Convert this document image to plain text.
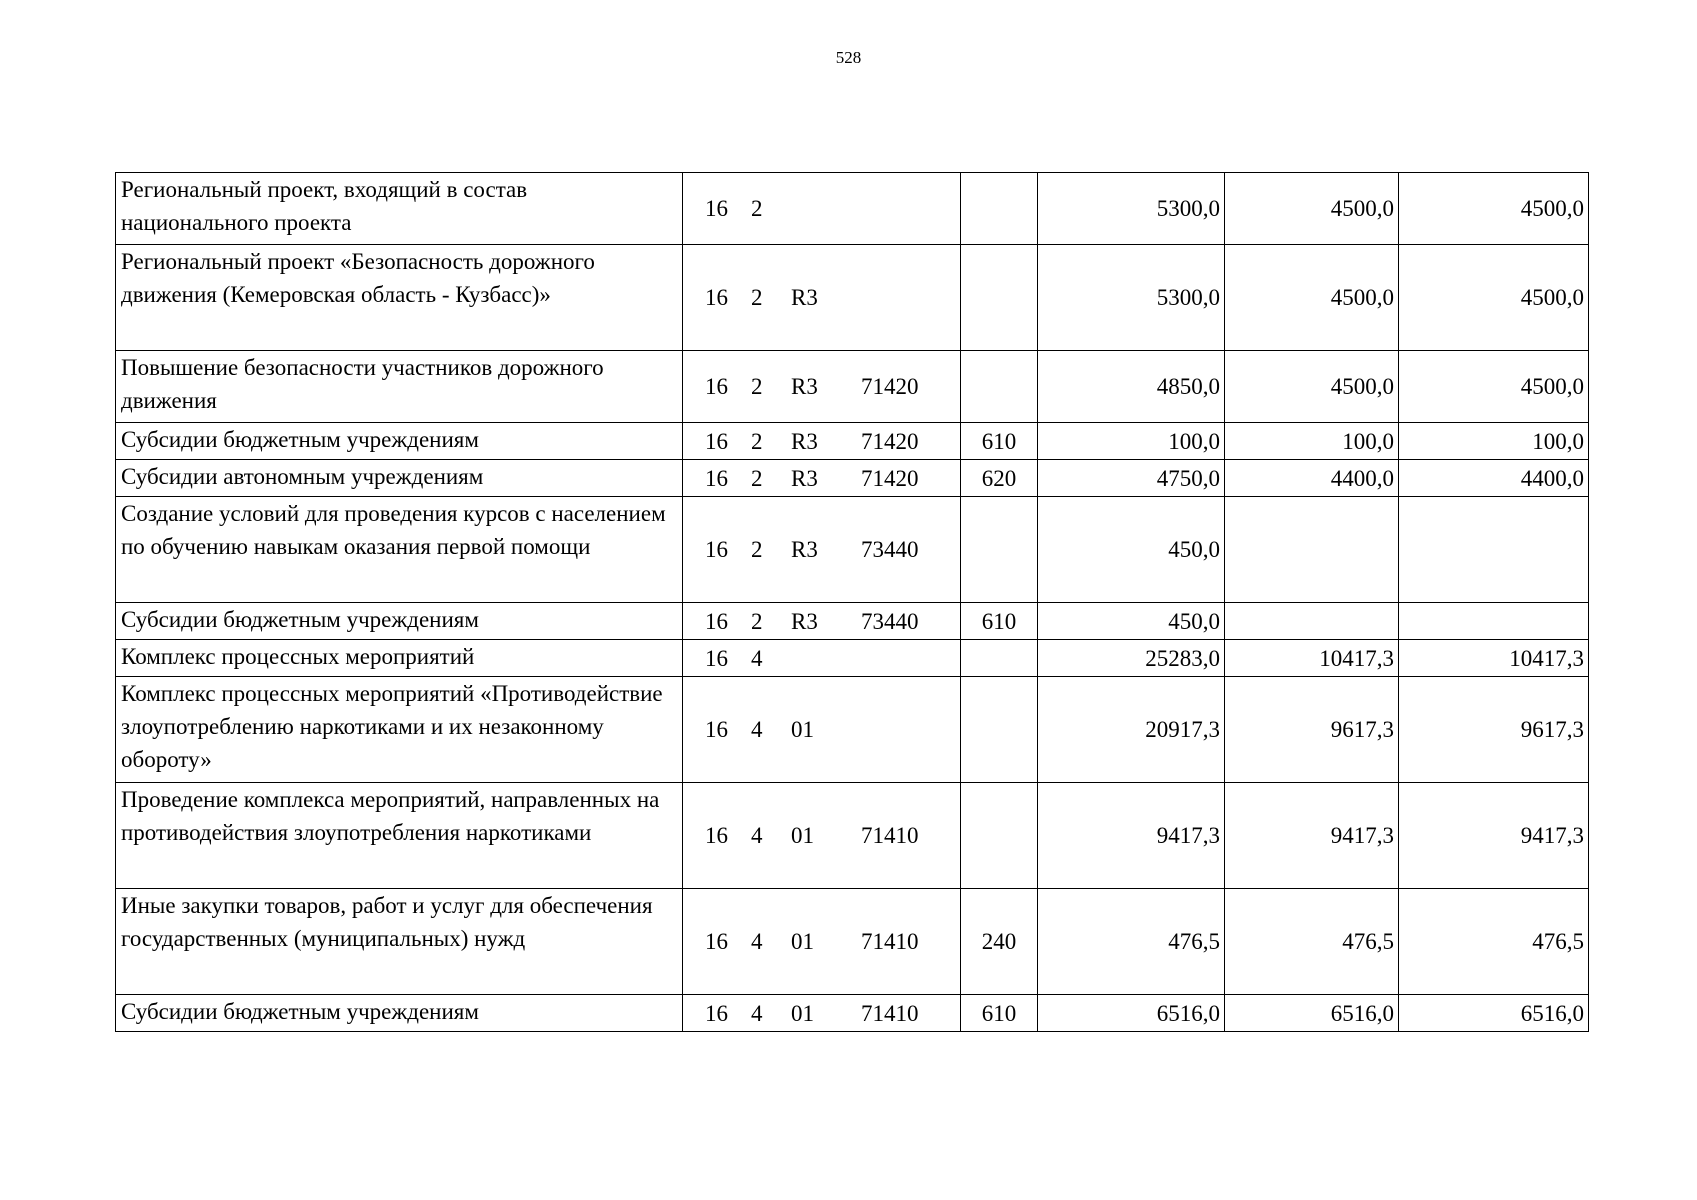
528
Региональный проект, входящий в состав национального проекта	16 2		5300,0	4500,0	4500,0
Региональный проект «Безопасность дорожного движения (Кемеровская область - Кузбасс)»	16 2 R3		5300,0	4500,0	4500,0
Повышение безопасности участников дорожного движения	16 2 R3 71420		4850,0	4500,0	4500,0
Субсидии бюджетным учреждениям	16 2 R3 71420	610	100,0	100,0	100,0
Субсидии автономным учреждениям	16 2 R3 71420	620	4750,0	4400,0	4400,0
Создание условий для проведения курсов с населением по обучению навыкам оказания первой помощи	16 2 R3 73440		450,0		
Субсидии бюджетным учреждениям	16 2 R3 73440	610	450,0		
Комплекс процессных мероприятий	16 4		25283,0	10417,3	10417,3
Комплекс процессных мероприятий «Противодействие злоупотреблению наркотиками и их незаконному обороту»	16 4 01		20917,3	9617,3	9617,3
Проведение комплекса мероприятий, направленных на противодействия злоупотребления наркотиками	16 4 01 71410		9417,3	9417,3	9417,3
Иные закупки товаров, работ и услуг для обеспечения государственных (муниципальных) нужд	16 4 01 71410	240	476,5	476,5	476,5
Субсидии бюджетным учреждениям	16 4 01 71410	610	6516,0	6516,0	6516,0
